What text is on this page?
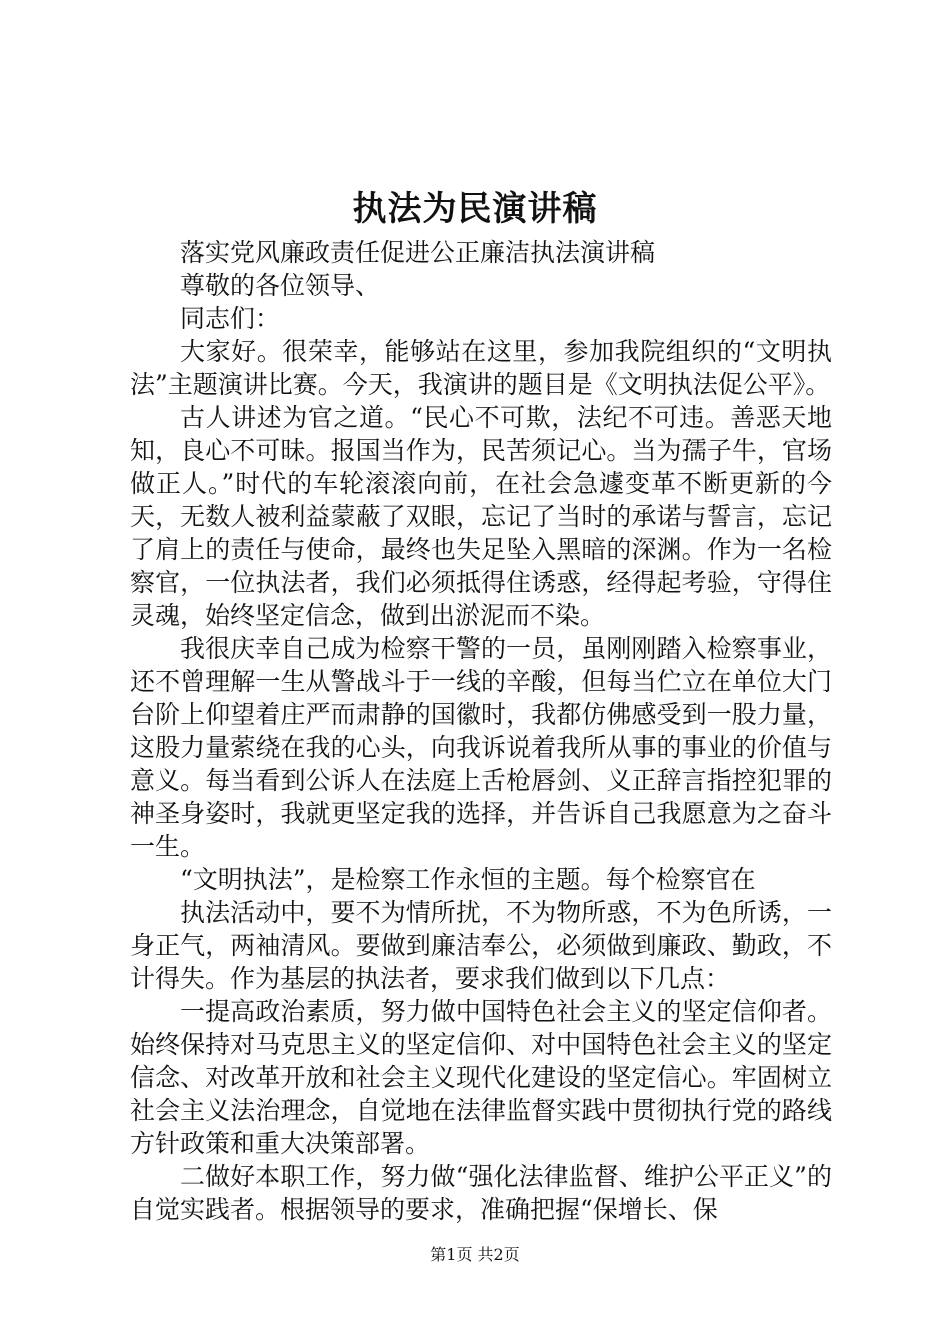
执法为民演讲稿

落实党风廉政责任促进公正廉洁执法演讲稿

尊敬的各位领导、

同志们：

大家好。很荣幸，能够站在这里，参加我院组织的“文明执法”主题演讲比赛。今天，我演讲的题目是《文明执法促公平》。

古人讲述为官之道。“民心不可欺，法纪不可违。善恶天地知，良心不可昧。报国当作为，民苦须记心。当为孺子牛，官场做正人。”时代的车轮滚滚向前，在社会急遽变革不断更新的今天，无数人被利益蒙蔽了双眼，忘记了当时的承诺与誓言，忘记了肩上的责任与使命，最终也失足坠入黑暗的深渊。作为一名检察官，一位执法者，我们必须抵得住诱惑，经得起考验，守得住灵魂，始终坚定信念，做到出淤泥而不染。

我很庆幸自己成为检察干警的一员，虽刚刚踏入检察事业，还不曾理解一生从警战斗于一线的辛酸，但每当伫立在单位大门台阶上仰望着庄严而肃静的国徽时，我都仿佛感受到一股力量，这股力量萦绕在我的心头，向我诉说着我所从事的事业的价值与意义。每当看到公诉人在法庭上舌枪唇剑、义正辞言指控犯罪的神圣身姿时，我就更坚定我的选择，并告诉自己我愿意为之奋斗一生。

“文明执法”，是检察工作永恒的主题。每个检察官在

执法活动中，要不为情所扰，不为物所惑，不为色所诱，一身正气，两袖清风。要做到廉洁奉公，必须做到廉政、勤政，不计得失。作为基层的执法者，要求我们做到以下几点：

一提高政治素质，努力做中国特色社会主义的坚定信仰者。始终保持对马克思主义的坚定信仰、对中国特色社会主义的坚定信念、对改革开放和社会主义现代化建设的坚定信心。牢固树立社会主义法治理念，自觉地在法律监督实践中贯彻执行党的路线方针政策和重大决策部署。

二做好本职工作，努力做“强化法律监督、维护公平正义”的自觉实践者。根据领导的要求，准确把握“保增长、保

第1页 共2页
